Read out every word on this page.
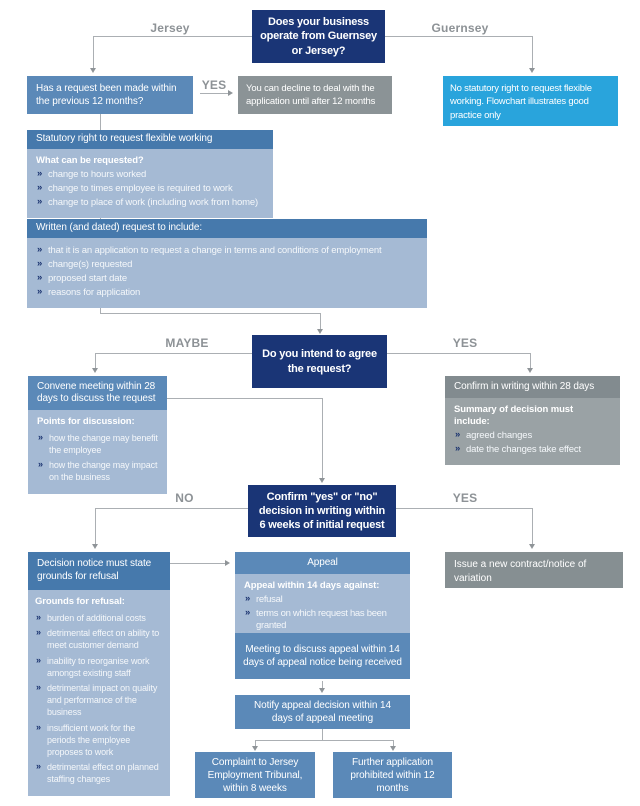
Jersey	Guernsey
YES
MAYBE	YES
NO	YES
Does your business operate from Guernsey or Jersey?
Has a request been made within the previous 12 months?
You can decline to deal with the application until after 12 months
No statutory right to request flexible working. Flowchart illustrates good practice only
Statutory right to request flexible working
What can be requested?
» change to hours worked
» change to times employee is required to work
» change to place of work (including work from home)
Written (and dated) request to include:
» that it is an application to request a change in terms and conditions of employment
» change(s) requested
» proposed start date
» reasons for application
Do you intend to agree the request?
Convene meeting within 28 days to discuss the request
Points for discussion:
» how the change may benefit the employee
» how the change may impact on the business
Confirm in writing within 28 days
Summary of decision must include:
» agreed changes
» date the changes take effect
Confirm "yes" or "no" decision in writing within 6 weeks of initial request
Decision notice must state grounds for refusal
Grounds for refusal:
» burden of additional costs
» detrimental effect on ability to meet customer demand
» inability to reorganise work amongst existing staff
» detrimental impact on quality and performance of the business
» insufficient work for the periods the employee proposes to work
» detrimental effect on planned staffing changes
Issue a new contract/notice of variation
Appeal
Appeal within 14 days against:
» refusal
» terms on which request has been granted
Meeting to discuss appeal within 14 days of appeal notice being received
Notify appeal decision within 14 days of appeal meeting
Complaint to Jersey Employment Tribunal, within 8 weeks
Further application prohibited within 12 months
